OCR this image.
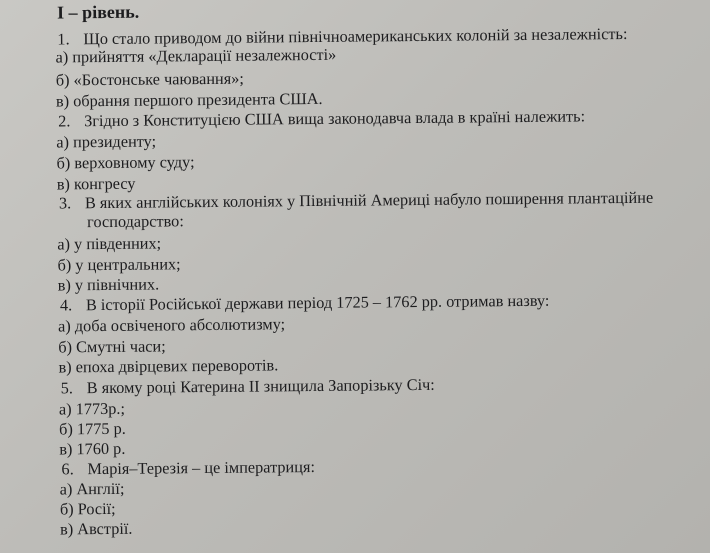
І – рівень.
1. Що стало приводом до війни північноамериканських колоній за незалежність:
а) прийняття «Декларації незалежності»
б) «Бостонське чаювання»;
в) обрання першого президента США.
2. Згідно з Конституцією США вища законодавча влада в країні належить:
а) президенту;
б) верховному суду;
в) конгресу
3. В яких англійських колоніях у Північній Америці набуло поширення плантаційне
господарство:
а) у південних;
б) у центральних;
в) у північних.
4. В історії Російської держави період 1725 – 1762 рр. отримав назву:
а) доба освіченого абсолютизму;
б) Смутні часи;
в) епоха двірцевих переворотів.
5. В якому році Катерина ІІ знищила Запорізьку Січ:
а) 1773р.;
б) 1775 р.
в) 1760 р.
6. Марія–Терезія – це імператриця:
а) Англії;
б) Росії;
в) Австрії.
